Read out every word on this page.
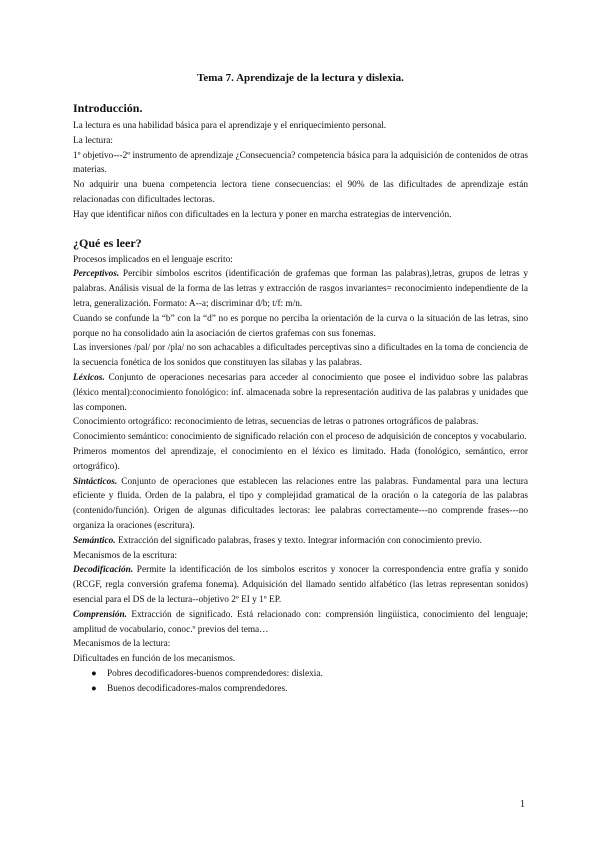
Tema 7. Aprendizaje de la lectura y dislexia.

Introducción.

La lectura es una habilidad básica para el aprendizaje y el enriquecimiento personal.

La lectura:

1º objetivo---2º instrumento de aprendizaje ¿Consecuencia? competencia básica para la adquisición de contenidos de otras materias.

No adquirir una buena competencia lectora tiene consecuencias: el 90% de las dificultades de aprendizaje están relacionadas con dificultades lectoras.

Hay que identificar niños con dificultades en la lectura y poner en marcha estrategias de intervención.

¿Qué es leer?

Procesos implicados en el lenguaje escrito:

Perceptivos. Percibir símbolos escritos (identificación de grafemas que forman las palabras),letras, grupos de letras y palabras. Análisis visual de la forma de las letras y extracción de rasgos invariantes= reconocimiento independiente de la letra, generalización. Formato: A--a; discriminar d/b; t/f: m/n.

Cuando se confunde la “b” con la “d” no es porque no perciba la orientación de la curva o la situación de las letras, sino porque no ha consolidado aún la asociación de ciertos grafemas con sus fonemas.

Las inversiones /pal/ por /pla/ no son achacables a dificultades perceptivas sino a dificultades en la toma de conciencia de la secuencia fonética de los sonidos que constituyen las sílabas y las palabras.

Léxicos. Conjunto de operaciones necesarias para acceder al conocimiento que posee el individuo sobre las palabras (léxico mental):conocimiento fonológico: inf. almacenada sobre la representación auditiva de las palabras y unidades que las componen.

Conocimiento ortográfico: reconocimiento de letras, secuencias de letras o patrones ortográficos de palabras.

Conocimiento semántico: conocimiento de significado relación con el proceso de adquisición de conceptos y vocabulario.

Primeros momentos del aprendizaje, el conocimiento en el léxico es limitado. Hada (fonológico, semántico, error ortográfico).

Sintácticos. Conjunto de operaciones que establecen las relaciones entre las palabras. Fundamental para una lectura eficiente y fluida. Orden de la palabra, el tipo y complejidad gramatical de la oración o la categoría de las palabras (contenido/función). Origen de algunas dificultades lectoras: lee palabras correctamente---no comprende frases---no organiza la oraciones (escritura).

Semántico. Extracción del significado palabras, frases y texto. Integrar información con conocimiento previo.

Mecanismos de la escritura:

Decodificación. Permite la identificación de los símbolos escritos y xonocer la correspondencia entre grafía y sonido (RCGF, regla conversión grafema fonema). Adquisición del llamado sentido alfabético (las letras representan sonidos) esencial para el DS de la lectura--objetivo 2º EI y 1º EP.

Comprensión. Extracción de significado. Está relacionado con: comprensión lingüística, conocimiento del lenguaje; amplitud de vocabulario, conoc.º previos del tema…

Mecanismos de la lectura:

Dificultades en función de los mecanismos.

● Pobres decodificadores-buenos comprendedores: dislexia.
● Buenos decodificadores-malos comprendedores.
1
